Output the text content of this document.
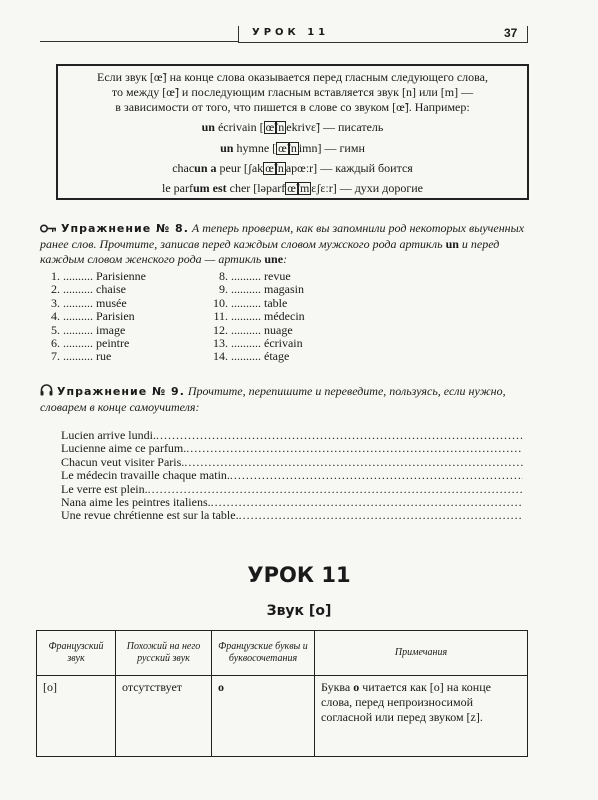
УРОК 11	37
Если звук [œ̃] на конце слова оказывается перед гласным следующего слова,
то между [œ̃] и последующим гласным вставляется звук [n] или [m] —
в зависимости от того, что пишется в слове со звуком [œ̃]. Например:
un écrivain [ œ̃ n ekrivɛ̃] — писатель
un hymne [ œ̃ n imn] — гимн
chacun a peur [ʃak œ̃ n apœːr] — каждый боится
le parfum est cher [ləparf œ̃ m ɛʃɛːr] — духи дорогие
Упражнение № 8. А теперь проверим, как вы запомнили род некоторых выученных ранее слов. Прочтите, записав перед каждым словом мужского рода артикль un и перед каждым словом женского рода — артикль une:
1. .......... Parisienne
2. .......... chaise
3. .......... musée
4. .......... Parisien
5. .......... image
6. .......... peintre
7. .......... rue
8. .......... revue
9. .......... magasin
10. .......... table
11. .......... médecin
12. .......... nuage
13. .......... écrivain
14. .......... étage
Упражнение № 9. Прочтите, перепишите и переведите, пользуясь, если нужно, словарем в конце самоучителя:
Lucien arrive lundi.
.....
Lucienne aime ce parfum.
.....
Chacun veut visiter Paris.
.....
Le médecin travaille chaque matin.
.....
Le verre est plein.
.....
Nana aime les peintres italiens.
.....
Une revue chrétienne est sur la table.
.....
УРОК 11
Звук [o]
Французский звук	Похожий на него русский звук	Французские буквы и буквосочетания	Примечания
[o]	отсутствует	o	Буква o читается как [o] на конце слова, перед непроизносимой согласной или перед звуком [z].
